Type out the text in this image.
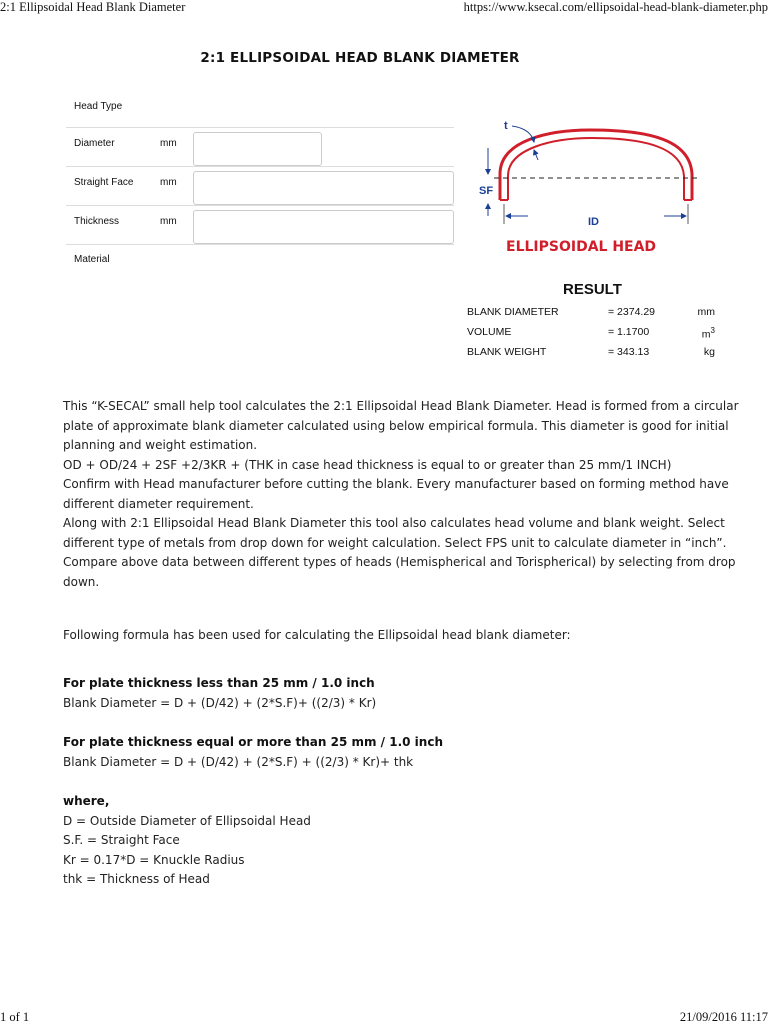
2:1 Ellipsoidal Head Blank Diameter	https://www.ksecal.com/ellipsoidal-head-blank-diameter.php
1 of 1	21/09/2016 11:17
2:1 ELLIPSOIDAL HEAD BLANK DIAMETER
Head Type
Diameter	mm
Straight Face	mm
Thickness	mm
Material
t
SF
ID
ELLIPSOIDAL HEAD
RESULT
BLANK DIAMETER	= 2374.29	mm
VOLUME	= 1.1700	$m^3$
BLANK WEIGHT	= 343.13	kg
This “K-SECAL” small help tool calculates the 2:1 Ellipsoidal Head Blank Diameter. Head is formed from a circular
plate of approximate blank diameter calculated using below empirical formula. This diameter is good for initial
planning and weight estimation.
OD + OD/24 + 2SF +2/3KR + (THK in case head thickness is equal to or greater than 25 mm/1 INCH)
Confirm with Head manufacturer before cutting the blank. Every manufacturer based on forming method have
different diameter requirement.
Along with 2:1 Ellipsoidal Head Blank Diameter this tool also calculates head volume and blank weight. Select
different type of metals from drop down for weight calculation. Select FPS unit to calculate diameter in “inch”.
Compare above data between different types of heads (Hemispherical and Torispherical) by selecting from drop
down.
Following formula has been used for calculating the Ellipsoidal head blank diameter:
For plate thickness less than 25 mm / 1.0 inch
Blank Diameter = D + (D/42) + (2*S.F)+ ((2/3) * Kr)
For plate thickness equal or more than 25 mm / 1.0 inch
Blank Diameter = D + (D/42) + (2*S.F) + ((2/3) * Kr)+ thk
where,
D = Outside Diameter of Ellipsoidal Head
S.F. = Straight Face
Kr = 0.17*D = Knuckle Radius
thk = Thickness of Head
